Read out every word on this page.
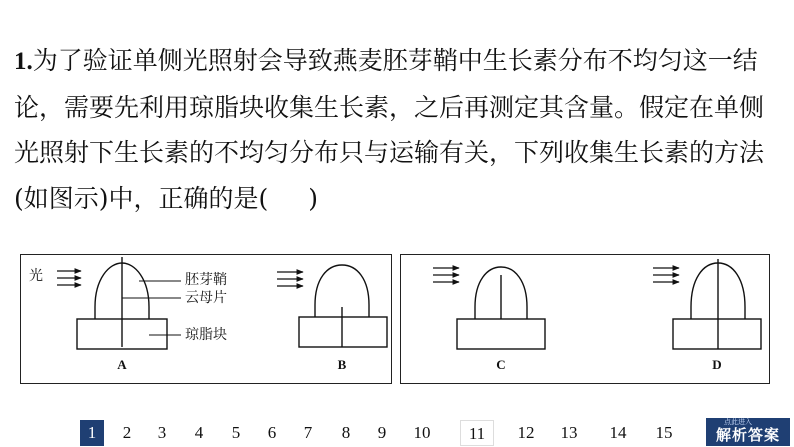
1.为了验证单侧光照射会导致燕麦胚芽鞘中生长素分布不均匀这一结论，需要先利用琼脂块收集生长素，之后再测定其含量。假定在单侧光照射下生长素的不均匀分布只与运输有关，下列收集生长素的方法(如图示)中，正确的是( )

光	胚芽鞘
云母片
琼脂块
A	B	C	D
1	2	3	4	5	6	7	8	9	10	11	12	13	14	15
点此进入
解析答案
